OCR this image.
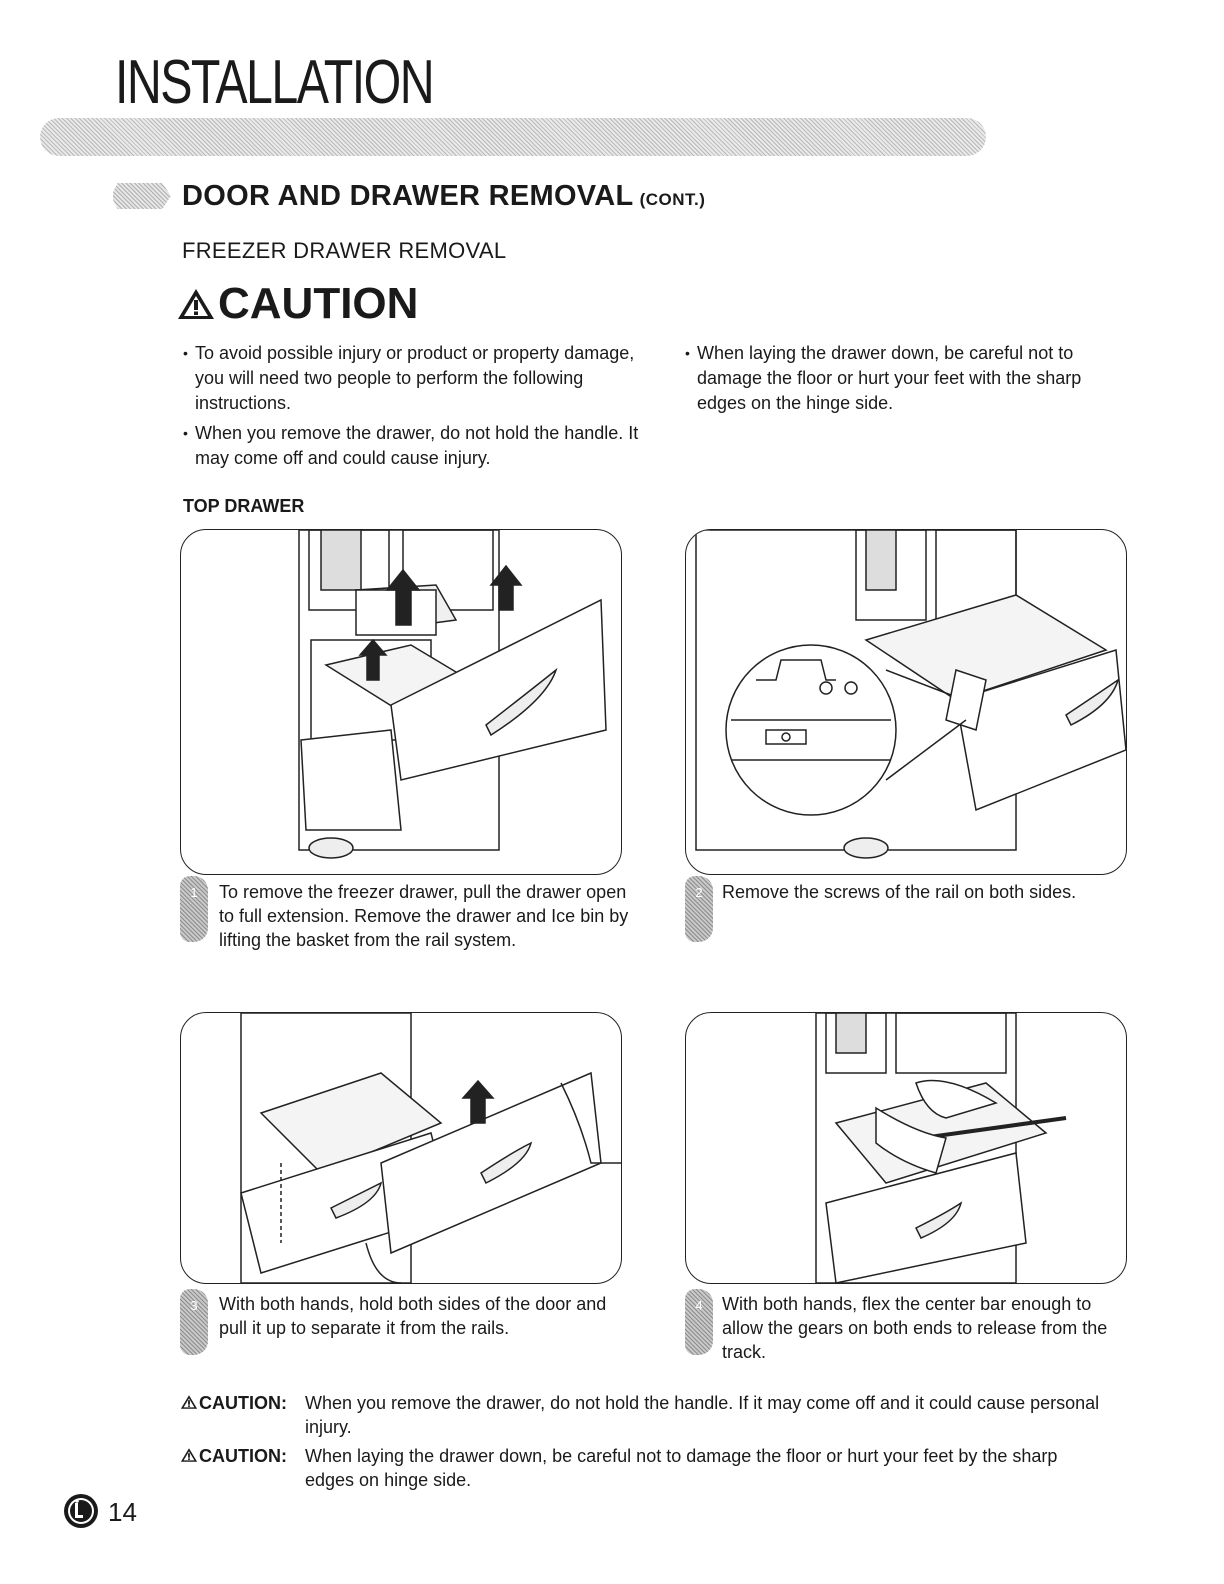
INSTALLATION
DOOR AND DRAWER REMOVAL (CONT.)
FREEZER DRAWER REMOVAL
CAUTION
• To avoid possible injury or product or property damage, you will need two people to perform the following instructions.
• When you remove the drawer, do not hold the handle. It may come off and could cause injury.
• When laying the drawer down, be careful not to damage the floor or hurt your feet with the sharp edges on the hinge side.
TOP DRAWER
1	To remove the freezer drawer, pull the drawer open to full extension. Remove the drawer and Ice bin by lifting the basket from the rail system.
2	Remove the screws of the rail on both sides.
3	With both hands, hold both sides of the door and pull it up to separate it from the rails.
4	With both hands, flex the center bar enough to allow the gears on both ends to release from the track.
CAUTION: When you remove the drawer, do not hold the handle. If it may come off and it could cause personal injury.
CAUTION: When laying the drawer down, be careful not to damage the floor or hurt your feet by the sharp edges on hinge side.
14
